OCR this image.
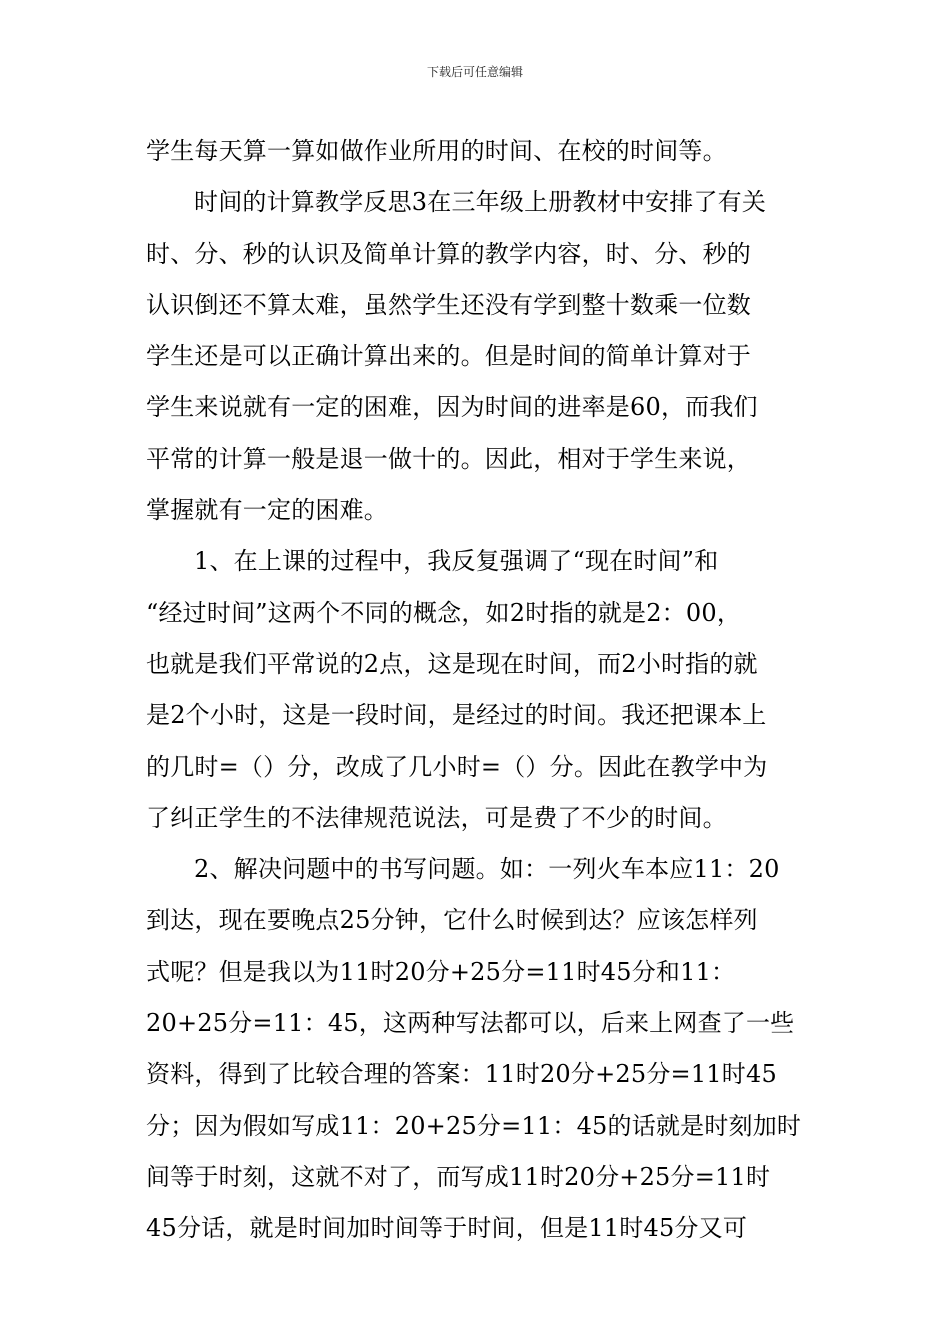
下载后可任意编辑
学生每天算一算如做作业所用的时间、在校的时间等。
时间的计算教学反思3在三年级上册教材中安排了有关
时、分、秒的认识及简单计算的教学内容，时、分、秒的
认识倒还不算太难，虽然学生还没有学到整十数乘一位数
学生还是可以正确计算出来的。但是时间的简单计算对于
学生来说就有一定的困难，因为时间的进率是60，而我们
平常的计算一般是退一做十的。因此，相对于学生来说，
掌握就有一定的困难。
1、在上课的过程中，我反复强调了“现在时间”和
“经过时间”这两个不同的概念，如2时指的就是2：00，
也就是我们平常说的2点，这是现在时间，而2小时指的就
是2个小时，这是一段时间，是经过的时间。我还把课本上
的几时=（）分，改成了几小时=（）分。因此在教学中为
了纠正学生的不法律规范说法，可是费了不少的时间。
2、解决问题中的书写问题。如：一列火车本应11：20
到达，现在要晚点25分钟，它什么时候到达？应该怎样列
式呢？但是我以为11时20分+25分=11时45分和11：
20+25分=11：45，这两种写法都可以，后来上网查了一些
资料，得到了比较合理的答案：11时20分+25分=11时45
分；因为假如写成11：20+25分=11：45的话就是时刻加时
间等于时刻，这就不对了，而写成11时20分+25分=11时
45分话，就是时间加时间等于时间，但是11时45分又可
